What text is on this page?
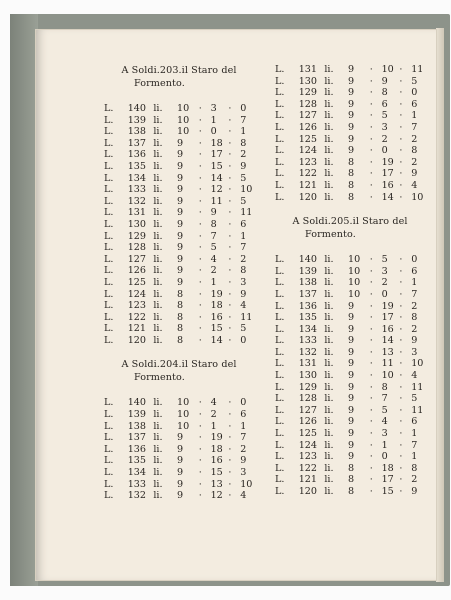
A Soldi.203.il Staro del
Formento.
L.	140 li.	10 · 3	· 0
L.	139 li.	10 · 1	· 7
L.	138 li.	10 · 0	· 1
L.	137 li.	9	· 18 · 8
L.	136 li.	9	· 17 · 2
L.	135 li.	9	· 15 · 9
L.	134 li.	9	· 14 · 5
L.	133 li.	9	· 12 · 10
L.	132 li.	9	· 11 · 5
L.	131 li.	9	· 9	· 11
L.	130 li.	9	· 8	· 6
L.	129 li.	9	· 7	· 1
L.	128 li.	9	· 5	· 7
L.	127 li.	9	· 4	· 2
L.	126 li.	9	· 2	· 8
L.	125 li.	9	· 1	· 3
L.	124 li.	8	· 19 · 9
L.	123 li.	8	· 18 · 4
L.	122 li.	8	· 16 · 11
L.	121 li.	8	· 15 · 5
L.	120 li.	8	· 14 · 0
A Soldi.204.il Staro del
Formento.
L.	140 li.	10 · 4	· 0
L.	139 li.	10 · 2	· 6
L.	138 li.	10 · 1	· 1
L.	137 li.	9	· 19 · 7
L.	136 li.	9	· 18 · 2
L.	135 li.	9	· 16 · 9
L.	134 li.	9	· 15 · 3
L.	133 li.	9	· 13 · 10
L.	132 li.	9	· 12 · 4
L.	131 li.	9	· 10 · 11
L.	130 li.	9	· 9	· 5
L.	129 li.	9	· 8	· 0
L.	128 li.	9	· 6	· 6
L.	127 li.	9	· 5	· 1
L.	126 li.	9	· 3	· 7
L.	125 li.	9	· 2	· 2
L.	124 li.	9	· 0	· 8
L.	123 li.	8	· 19 · 2
L.	122 li.	8	· 17 · 9
L.	121 li.	8	· 16 · 4
L.	120 li.	8	· 14 · 10
A Soldi.205.il Staro del
Formento.
L.	140 li.	10 · 5	· 0
L.	139 li.	10 · 3	· 6
L.	138 li.	10 · 2	· 1
L.	137 li.	10 · 0	· 7
L.	136 li.	9	· 19 · 2
L.	135 li.	9	· 17 · 8
L.	134 li.	9	· 16 · 2
L.	133 li.	9	· 14 · 9
L.	132 li.	9	· 13 · 3
L.	131 li.	9	· 11 · 10
L.	130 li.	9	· 10 · 4
L.	129 li.	9	· 8	· 11
L.	128 li.	9	· 7	· 5
L.	127 li.	9	· 5	· 11
L.	126 li.	9	· 4	· 6
L.	125 li.	9	· 3	· 1
L.	124 li.	9	· 1	· 7
L.	123 li.	9	· 0	· 1
L.	122 li.	8	· 18 · 8
L.	121 li.	8	· 17 · 2
L.	120 li.	8	· 15 · 9
